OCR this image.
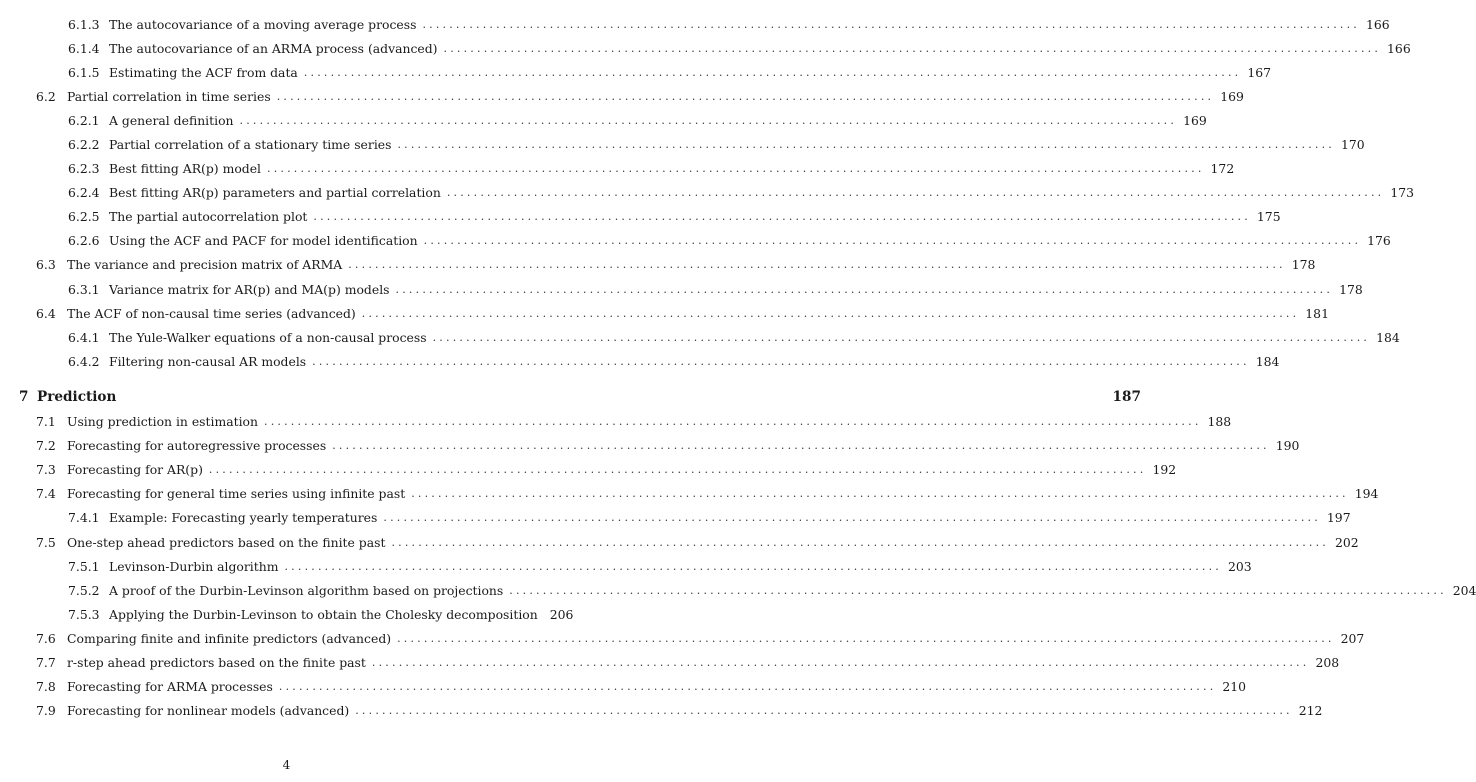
6.1.3 The autocovariance of a moving average process ............................................................................................................................................ 166
6.1.4 The autocovariance of an ARMA process (advanced) ............................................................................................................................................ 166
6.1.5 Estimating the ACF from data ............................................................................................................................................ 167
6.2 Partial correlation in time series ............................................................................................................................................ 169
6.2.1 A general definition ............................................................................................................................................ 169
6.2.2 Partial correlation of a stationary time series ............................................................................................................................................ 170
6.2.3 Best fitting AR(p) model ............................................................................................................................................ 172
6.2.4 Best fitting AR(p) parameters and partial correlation ............................................................................................................................................ 173
6.2.5 The partial autocorrelation plot ............................................................................................................................................ 175
6.2.6 Using the ACF and PACF for model identification ............................................................................................................................................ 176
6.3 The variance and precision matrix of ARMA ............................................................................................................................................ 178
6.3.1 Variance matrix for AR(p) and MA(p) models ............................................................................................................................................ 178
6.4 The ACF of non-causal time series (advanced) ............................................................................................................................................ 181
6.4.1 The Yule-Walker equations of a non-causal process ............................................................................................................................................ 184
6.4.2 Filtering non-causal AR models ............................................................................................................................................ 184
7 Prediction	187
7.1 Using prediction in estimation ............................................................................................................................................ 188
7.2 Forecasting for autoregressive processes ............................................................................................................................................ 190
7.3 Forecasting for AR(p) ............................................................................................................................................ 192
7.4 Forecasting for general time series using infinite past ............................................................................................................................................ 194
7.4.1 Example: Forecasting yearly temperatures ............................................................................................................................................ 197
7.5 One-step ahead predictors based on the finite past ............................................................................................................................................ 202
7.5.1 Levinson-Durbin algorithm ............................................................................................................................................ 203
7.5.2 A proof of the Durbin-Levinson algorithm based on projections ............................................................................................................................................ 204
7.5.3 Applying the Durbin-Levinson to obtain the Cholesky decomposition 206
7.6 Comparing finite and infinite predictors (advanced) ............................................................................................................................................ 207
7.7 r-step ahead predictors based on the finite past ............................................................................................................................................ 208
7.8 Forecasting for ARMA processes ............................................................................................................................................ 210
7.9 Forecasting for nonlinear models (advanced) ............................................................................................................................................ 212
4
